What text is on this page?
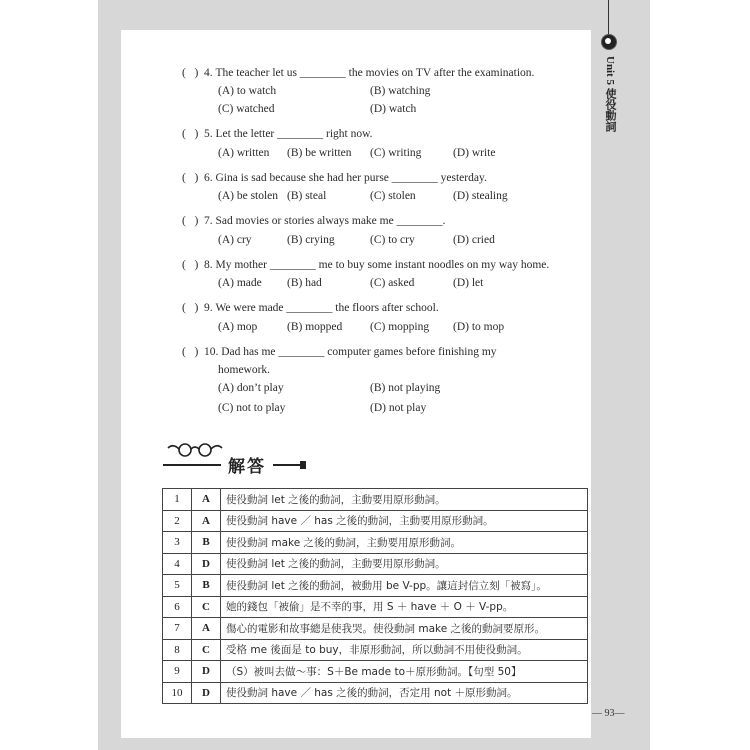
Unit 5 使役動詞
(   ) 4. The teacher let us ________ the movies on TV after the examination.
(A) to watch	(B) watching
(C) watched	(D) watch
(   ) 5. Let the letter ________ right now.
(A) written (B) be written (C) writing	(D) write
(   ) 6. Gina is sad because she had her purse ________ yesterday.
(A) be stolen (B) steal	(C) stolen	(D) stealing
(   ) 7. Sad movies or stories always make me ________.
(A) cry	(B) crying	(C) to cry	(D) cried
(   ) 8. My mother ________ me to buy some instant noodles on my way home.
(A) made (B) had	(C) asked	(D) let
(   ) 9. We were made ________ the floors after school.
(A) mop	(B) mopped (C) mopping (D) to mop
(   ) 10. Dad has me ________ computer games before finishing my
homework.
(A) don’t play	(B) not playing
(C) not to play	(D) not play
解答
1	A	使役動詞 let 之後的動詞，主動要用原形動詞。
2	A	使役動詞 have ／ has 之後的動詞，主動要用原形動詞。
3	B	使役動詞 make 之後的動詞，主動要用原形動詞。
4	D	使役動詞 let 之後的動詞，主動要用原形動詞。
5	B	使役動詞 let 之後的動詞，被動用 be V-pp。讓這封信立刻「被寫」。
6	C	她的錢包「被偷」是不幸的事，用 S ＋ have ＋ O ＋ V-pp。
7	A	傷心的電影和故事總是使我哭。使役動詞 make 之後的動詞要原形。
8	C	受格 me 後面是 to buy，非原形動詞，所以動詞不用使役動詞。
9	D	（S）被叫去做～事：S＋Be made to＋原形動詞。【句型 50】
10	D	使役動詞 have ／ has 之後的動詞，否定用 not ＋原形動詞。
— 93—
